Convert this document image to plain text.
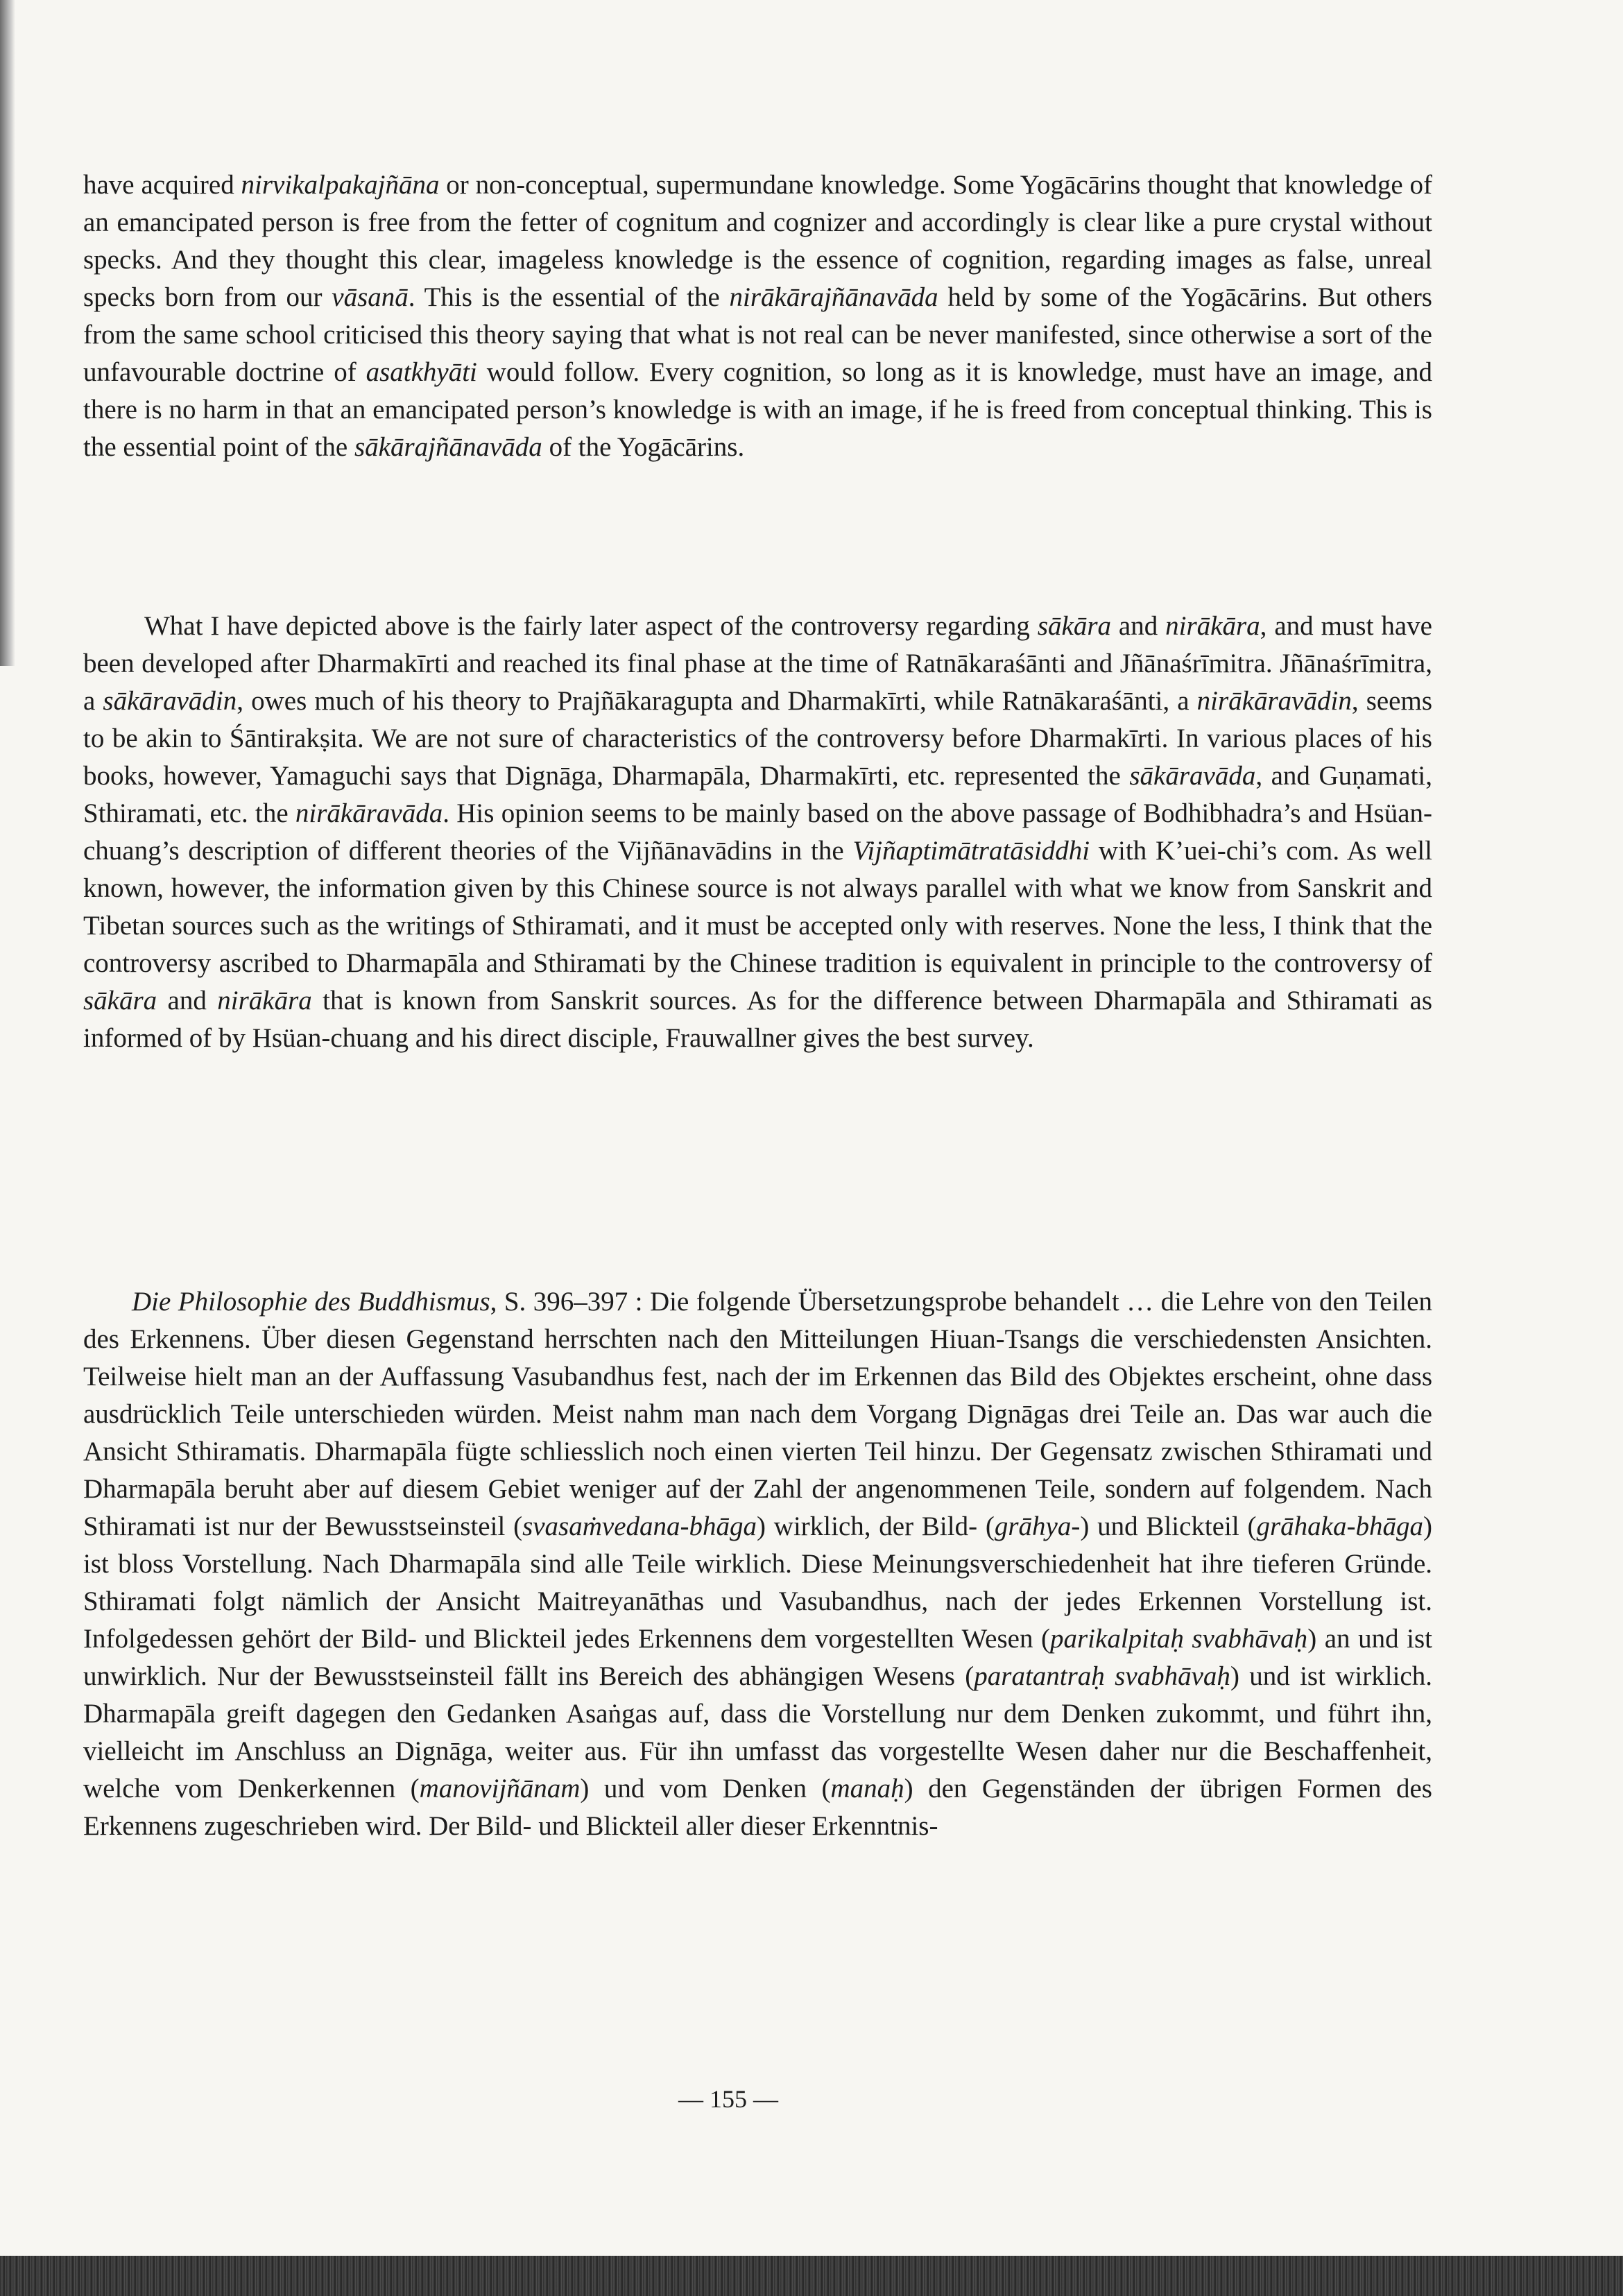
have acquired nirvikalpakajñāna or non-conceptual, supermundane knowledge. Some Yogācārins thought that knowledge of an emancipated person is free from the fetter of cognitum and cognizer and accordingly is clear like a pure crystal without specks. And they thought this clear, imageless knowledge is the essence of cognition, regarding images as false, unreal specks born from our vāsanā. This is the essential of the nirākārajñānavāda held by some of the Yogācārins. But others from the same school criticised this theory saying that what is not real can be never manifested, since otherwise a sort of the unfavourable doctrine of asatkhyāti would follow. Every cognition, so long as it is knowledge, must have an image, and there is no harm in that an emancipated person’s knowledge is with an image, if he is freed from conceptual thinking. This is the essential point of the sākārajñānavāda of the Yogācārins.

What I have depicted above is the fairly later aspect of the controversy regarding sākāra and nirākāra, and must have been developed after Dharmakīrti and reached its final phase at the time of Ratnākaraśānti and Jñānaśrīmitra. Jñānaśrīmitra, a sākāravādin, owes much of his theory to Prajñākaragupta and Dharmakīrti, while Ratnākaraśānti, a nirākāravādin, seems to be akin to Śāntirakṣita. We are not sure of characteristics of the controversy before Dharmakīrti. In various places of his books, however, Yamaguchi says that Dignāga, Dharmapāla, Dharmakīrti, etc. represented the sākāravāda, and Guṇamati, Sthiramati, etc. the nirākāravāda. His opinion seems to be mainly based on the above passage of Bodhibhadra’s and Hsüan-chuang’s description of different theories of the Vijñānavādins in the Vijñaptimātratāsiddhi with K’uei-chi’s com. As well known, however, the information given by this Chinese source is not always parallel with what we know from Sanskrit and Tibetan sources such as the writings of Sthiramati, and it must be accepted only with reserves. None the less, I think that the controversy ascribed to Dharmapāla and Sthiramati by the Chinese tradition is equivalent in principle to the controversy of sākāra and nirākāra that is known from Sanskrit sources. As for the difference between Dharmapāla and Sthiramati as informed of by Hsüan-chuang and his direct disciple, Frauwallner gives the best survey.

Die Philosophie des Buddhismus, S. 396–397 : Die folgende Übersetzungsprobe behandelt … die Lehre von den Teilen des Erkennens. Über diesen Gegenstand herrschten nach den Mitteilungen Hiuan-Tsangs die verschiedensten Ansichten. Teilweise hielt man an der Auffassung Vasubandhus fest, nach der im Erkennen das Bild des Objektes erscheint, ohne dass ausdrücklich Teile unterschieden würden. Meist nahm man nach dem Vorgang Dignāgas drei Teile an. Das war auch die Ansicht Sthiramatis. Dharmapāla fügte schliesslich noch einen vierten Teil hinzu. Der Gegensatz zwischen Sthiramati und Dharmapāla beruht aber auf diesem Gebiet weniger auf der Zahl der angenommenen Teile, sondern auf folgendem. Nach Sthiramati ist nur der Bewusstseinsteil (svasaṁvedana-bhāga) wirklich, der Bild- (grāhya-) und Blickteil (grāhaka-bhāga) ist bloss Vorstellung. Nach Dharmapāla sind alle Teile wirklich. Diese Meinungsverschiedenheit hat ihre tieferen Gründe. Sthiramati folgt nämlich der Ansicht Maitreyanāthas und Vasubandhus, nach der jedes Erkennen Vorstellung ist. Infolgedessen gehört der Bild- und Blickteil jedes Erkennens dem vorgestellten Wesen (parikalpitaḥ svabhāvaḥ) an und ist unwirklich. Nur der Bewusstseinsteil fällt ins Bereich des abhängigen Wesens (paratantraḥ svabhāvaḥ) und ist wirklich. Dharmapāla greift dagegen den Gedanken Asaṅgas auf, dass die Vorstellung nur dem Denken zukommt, und führt ihn, vielleicht im Anschluss an Dignāga, weiter aus. Für ihn umfasst das vorgestellte Wesen daher nur die Beschaffenheit, welche vom Denkerkennen (manovijñānam) und vom Denken (manaḥ) den Gegenständen der übrigen Formen des Erkennens zugeschrieben wird. Der Bild- und Blickteil aller dieser Erkenntnis-

— 155 —
